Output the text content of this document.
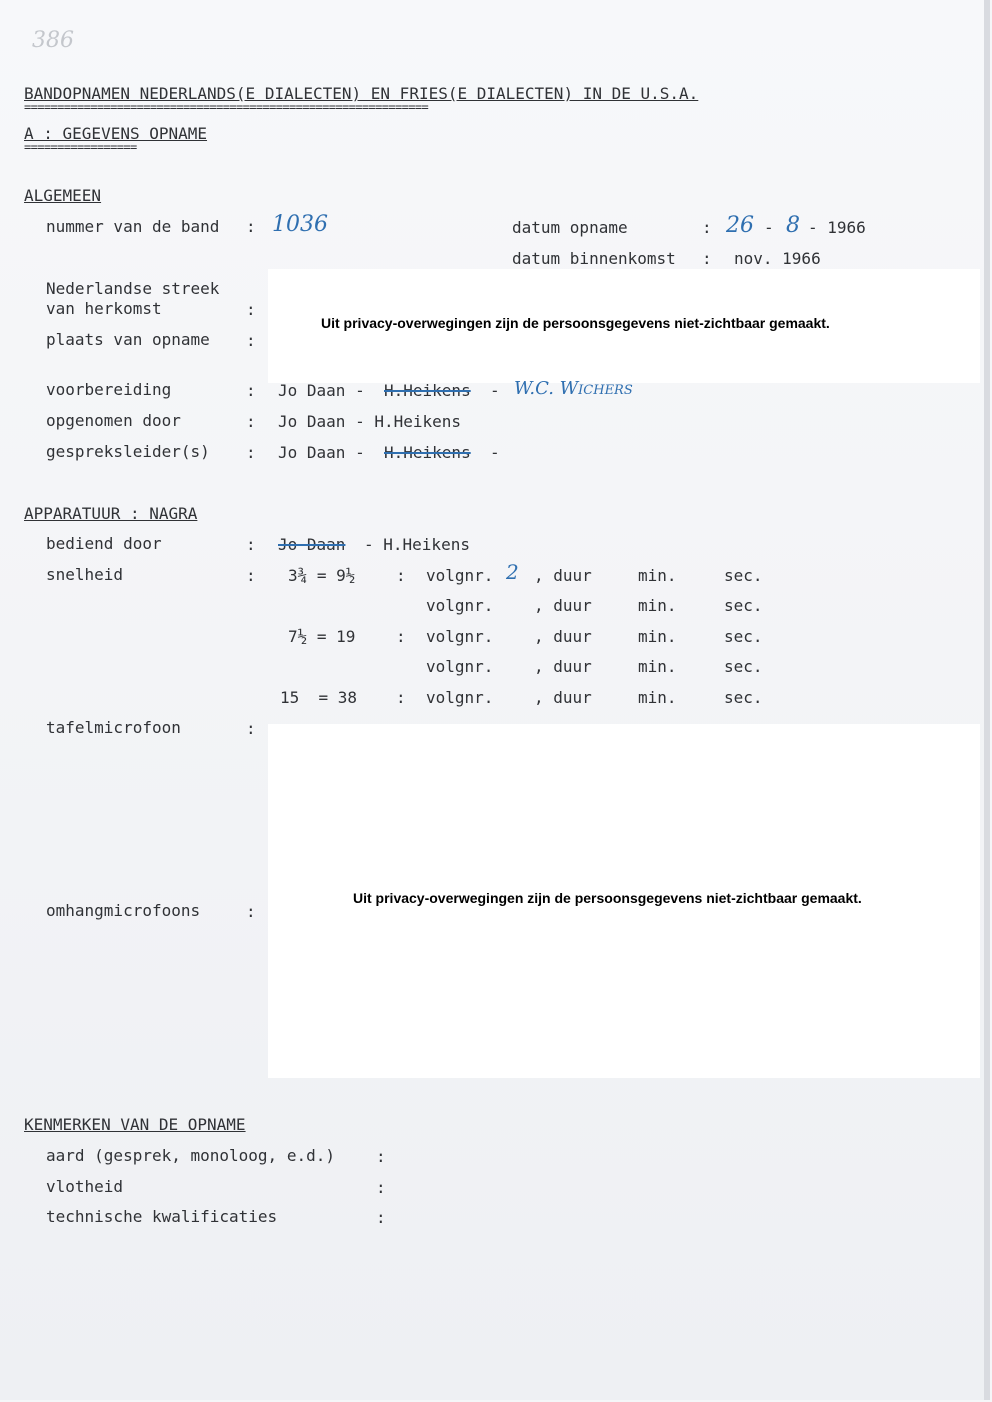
386
BANDOPNAMEN NEDERLANDS(E DIALECTEN) EN FRIES(E DIALECTEN) IN DE U.S.A.
=============================================================
A : GEGEVENS OPNAME
=================
ALGEMEEN
nummer van de band : 1036	datum opname	: 26 - 8 - 1966
datum binnenkomst : nov. 1966
Nederlandse streek
van herkomst	:
plaats van opname :
Uit privacy-overwegingen zijn de persoonsgegevens niet-zichtbaar gemaakt.
voorbereiding	: Jo Daan - H.Heikens - W.C. Wichers
opgenomen door	: Jo Daan - H.Heikens
gespreksleider(s) : Jo Daan - H.Heikens -
APPARATUUR : NAGRA
bediend door	: Jo Daan - H.Heikens
snelheid	: 3¾ = 9½	: volgnr. 2 , duur	min.	sec.
volgnr.	, duur	min.	sec.
7½ = 19	: volgnr.	, duur	min.	sec.
volgnr.	, duur	min.	sec.
15  = 38 : volgnr.	, duur	min.	sec.
tafelmicrofoon	:
Uit privacy-overwegingen zijn de persoonsgegevens niet-zichtbaar gemaakt.
omhangmicrofoons	:
KENMERKEN VAN DE OPNAME
aard (gesprek, monoloog, e.d.)	:
vlotheid	:
technische kwalificaties	:
